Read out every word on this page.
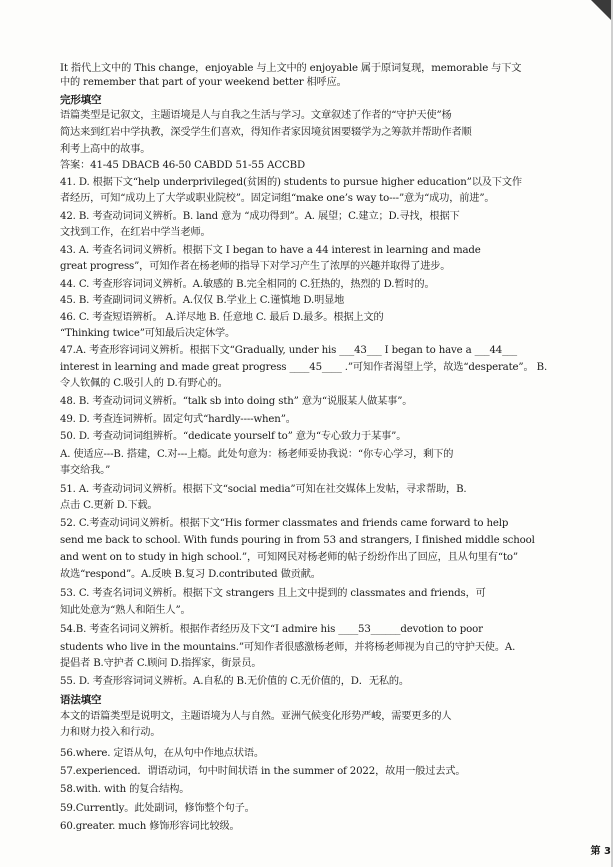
It 指代上文中的 This change，enjoyable 与上文中的 enjoyable 属于原词复现，memorable 与下文
中的 remember that part of your weekend better 相呼应。
完形填空
语篇类型是记叙文，主题语境是人与自我之生活与学习。文章叙述了作者的“守护天使”杨
简达来到红岩中学执教，深受学生们喜欢，得知作者家因境贫困要辍学为之筹款并帮助作者顺
利考上高中的故事。
答案：41-45 DBACB 46-50 CABDD 51-55 ACCBD
41. D. 根据下文“help underprivileged(贫困的) students to pursue higher education”以及下文作
者经历，可知“成功上了大学或职业院校”。固定词组“make one’s way to---”意为“成功，前进”。
42. B. 考查动词词义辨析。B. land 意为 “成功得到”。A. 展望；C.建立；D.寻找，根据下
文找到工作，在红岩中学当老师。
43. A. 考查名词词义辨析。根据下文 I began to have a 44 interest in learning and made
great progress”，可知作者在杨老师的指导下对学习产生了浓厚的兴趣并取得了进步。
44. C. 考查形容词词义辨析。A.敏感的 B.完全相同的 C.狂热的，热烈的 D.暂时的。
45. B. 考查副词词义辨析。A.仅仅 B.学业上 C.谨慎地 D.明显地
46. C. 考查短语辨析。 A.详尽地 B. 任意地 C. 最后 D.最多。根据上文的
“Thinking twice”可知最后决定休学。
47.A. 考查形容词词义辨析。根据下文“Gradually, under his ___43___ I began to have a ___44___
interest in learning and made great progress ____45____ .”可知作者渴望上学，故选“desperate”。 B.
令人钦佩的 C.吸引人的 D.有野心的。
48. B. 考查动词词义辨析。“talk sb into doing sth” 意为“说服某人做某事”。
49. D. 考查连词辨析。固定句式“hardly----when”。
50. D. 考查动词词组辨析。“dedicate yourself to” 意为“专心致力于某事”。
A. 使适应---B. 搭建，C.对---上瘾。此处句意为：杨老师妥协我说：“你专心学习，剩下的
事交给我。”
51. A. 考查动词词义辨析。根据下文“social media”可知在社交媒体上发帖，寻求帮助，B.
点击 C.更新 D.下载。
52. C.考查动词词义辨析。根据下文“His former classmates and friends came forward to help
send me back to school. With funds pouring in from 53 and strangers, I finished middle school
and went on to study in high school.”，可知网民对杨老师的帖子纷纷作出了回应，且从句里有“to”
故选“respond”。A.反映 B.复习 D.contributed 做贡献。
53. C. 考查名词词义辨析。根据下文 strangers 且上文中提到的 classmates and friends，可
知此处意为“熟人和陌生人”。
54.B. 考查名词词义辨析。根据作者经历及下文“I admire his ____53______devotion to poor
students who live in the mountains.”可知作者很感激杨老师，并将杨老师视为自己的守护天使。A.
提倡者 B.守护者 C.顾问 D.指挥家，街景员。
55. D. 考查形容词词义辨析。A.自私的 B.无价值的 C.无价值的，D．无私的。
语法填空
本文的语篇类型是说明文，主题语境为人与自然。亚洲气候变化形势严峻，需要更多的人
力和财力投入和行动。
56.where. 定语从句，在从句中作地点状语。
57.experienced．谓语动词，句中时间状语 in the summer of 2022，故用一般过去式。
58.with. with 的复合结构。
59.Currently。此处副词，修饰整个句子。
60.greater. much 修饰形容词比较级。
第 3
